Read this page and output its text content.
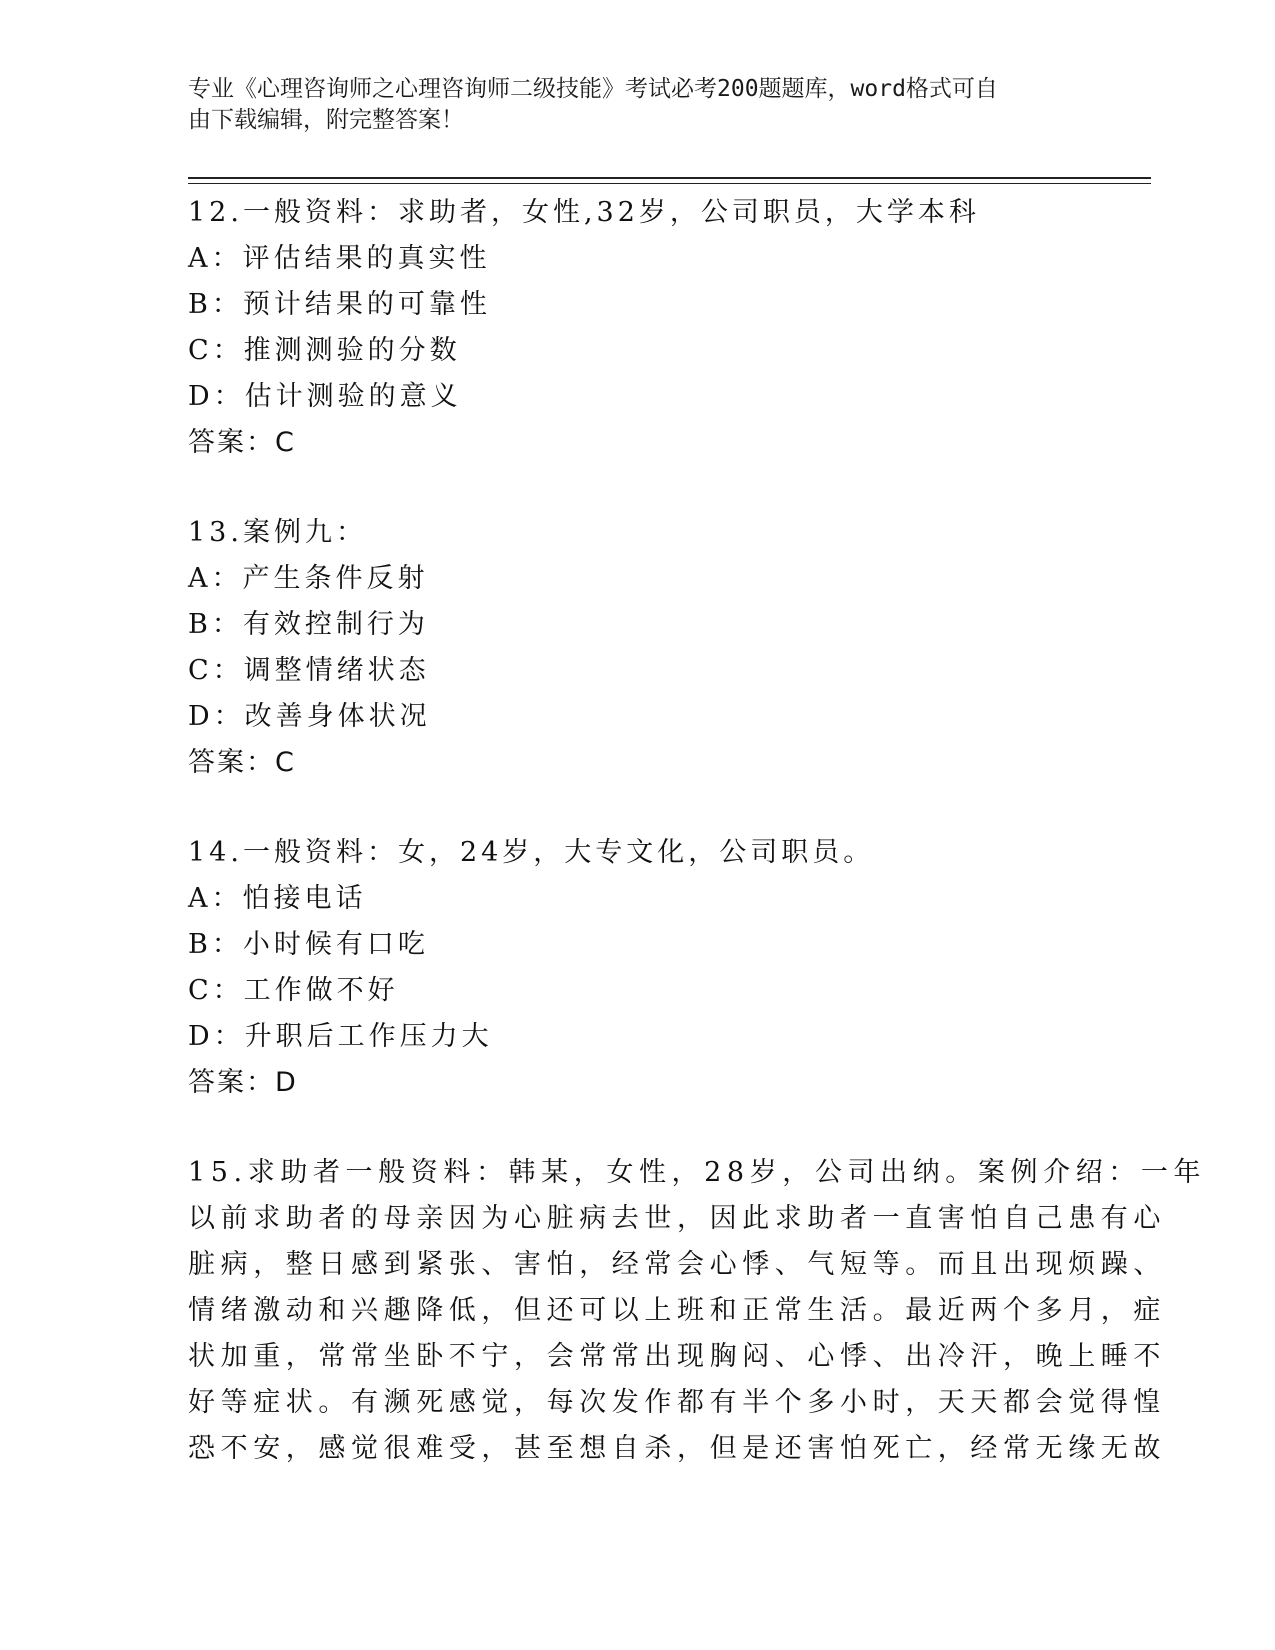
专业《心理咨询师之心理咨询师二级技能》考试必考200题题库，word格式可自
由下载编辑，附完整答案！
12.一般资料：求助者，女性,32岁，公司职员，大学本科
A：评估结果的真实性
B：预计结果的可靠性
C：推测测验的分数
D：估计测验的意义
答案：C
13.案例九：
A：产生条件反射
B：有效控制行为
C：调整情绪状态
D：改善身体状况
答案：C
14.一般资料：女，24岁，大专文化，公司职员。
A：怕接电话
B：小时候有口吃
C：工作做不好
D：升职后工作压力大
答案：D
15.求助者一般资料：韩某，女性，28岁，公司出纳。案例介绍：一年
以前求助者的母亲因为心脏病去世，因此求助者一直害怕自己患有心
脏病，整日感到紧张、害怕，经常会心悸、气短等。而且出现烦躁、
情绪激动和兴趣降低，但还可以上班和正常生活。最近两个多月，症
状加重，常常坐卧不宁，会常常出现胸闷、心悸、出冷汗，晚上睡不
好等症状。有濒死感觉，每次发作都有半个多小时，天天都会觉得惶
恐不安，感觉很难受，甚至想自杀，但是还害怕死亡，经常无缘无故
